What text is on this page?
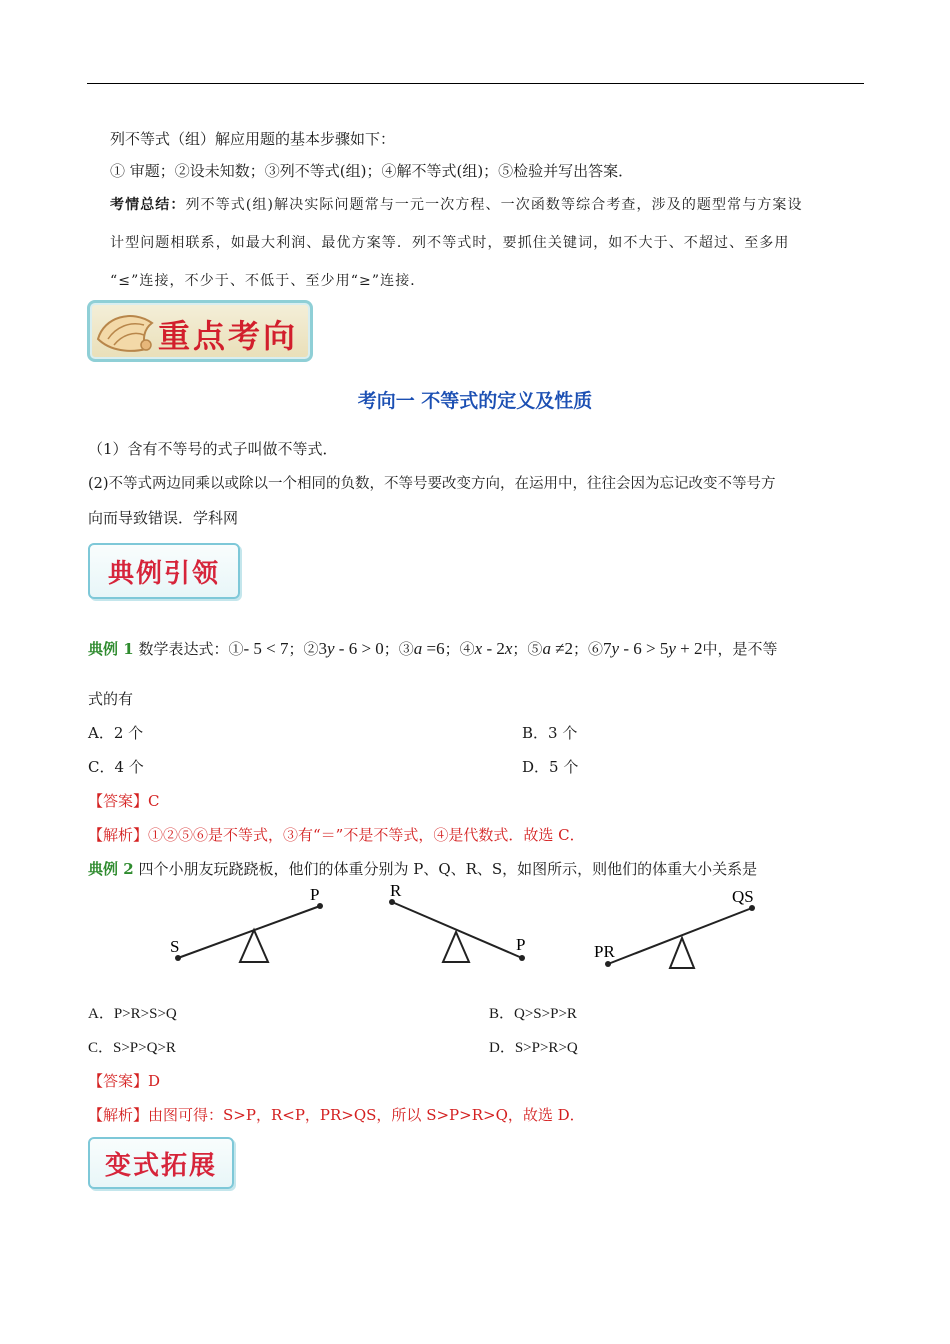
列不等式（组）解应用题的基本步骤如下：
① 审题；②设未知数；③列不等式(组)；④解不等式(组)；⑤检验并写出答案．
考情总结：列不等式(组)解决实际问题常与一元一次方程、一次函数等综合考查，涉及的题型常与方案设
计型问题相联系，如最大利润、最优方案等．列不等式时，要抓住关键词，如不大于、不超过、至多用
“≤”连接，不少于、不低于、至少用“≥”连接．
重点考向
考向一 不等式的定义及性质
（1）含有不等号的式子叫做不等式．
(2)不等式两边同乘以或除以一个相同的负数，不等号要改变方向，在运用中，往往会因为忘记改变不等号方
向而导致错误．学科网
典例引领
典例 1 数学表达式：①- 5 < 7；②3y - 6 > 0；③a =6；④x - 2x；⑤a ≠2；⑥7y - 6 > 5y + 2中，是不等
式的有
A．2 个	B．3 个
C．4 个	D．5 个
【答案】C
【解析】①②⑤⑥是不等式，③有“＝”不是不等式，④是代数式．故选 C．
典例 2 四个小朋友玩跷跷板，他们的体重分别为 P、Q、R、S，如图所示，则他们的体重大小关系是
S
P	R
P	PR
QS
A．P>R>S>Q	B．Q>S>P>R
C．S>P>Q>R	D．S>P>R>Q
【答案】D
【解析】由图可得：S>P，R<P，PR>QS，所以 S>P>R>Q，故选 D．
变式拓展
